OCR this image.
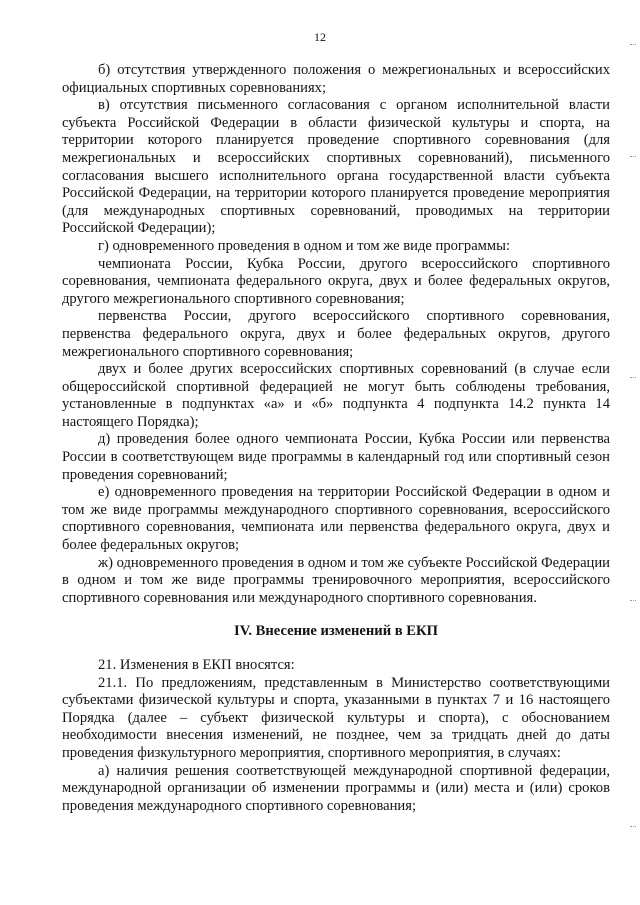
12

б) отсутствия утвержденного положения о межрегиональных и всероссийских официальных спортивных соревнованиях;

в) отсутствия письменного согласования с органом исполнительной власти субъекта Российской Федерации в области физической культуры и спорта, на территории которого планируется проведение спортивного соревнования (для межрегиональных и всероссийских спортивных соревнований), письменного согласования высшего исполнительного органа государственной власти субъекта Российской Федерации, на территории которого планируется проведение мероприятия (для международных спортивных соревнований, проводимых на территории Российской Федерации);

г) одновременного проведения в одном и том же виде программы:

чемпионата России, Кубка России, другого всероссийского спортивного соревнования, чемпионата федерального округа, двух и более федеральных округов, другого межрегионального спортивного соревнования;

первенства России, другого всероссийского спортивного соревнования, первенства федерального округа, двух и более федеральных округов, другого межрегионального спортивного соревнования;

двух и более других всероссийских спортивных соревнований (в случае если общероссийской спортивной федерацией не могут быть соблюдены требования, установленные в подпунктах «а» и «б» подпункта 4 подпункта 14.2 пункта 14 настоящего Порядка);

д) проведения более одного чемпионата России, Кубка России или первенства России в соответствующем виде программы в календарный год или спортивный сезон проведения соревнований;

е) одновременного проведения на территории Российской Федерации в одном и том же виде программы международного спортивного соревнования, всероссийского спортивного соревнования, чемпионата или первенства федерального округа, двух и более федеральных округов;

ж) одновременного проведения в одном и том же субъекте Российской Федерации в одном и том же виде программы тренировочного мероприятия, всероссийского спортивного соревнования или международного спортивного соревнования.

IV. Внесение изменений в ЕКП

21. Изменения в ЕКП вносятся:

21.1. По предложениям, представленным в Министерство соответствующими субъектами физической культуры и спорта, указанными в пунктах 7 и 16 настоящего Порядка (далее – субъект физической культуры и спорта), с обоснованием необходимости внесения изменений, не позднее, чем за тридцать дней до даты проведения физкультурного мероприятия, спортивного мероприятия, в случаях:

а) наличия решения соответствующей международной спортивной федерации, международной организации об изменении программы и (или) места и (или) сроков проведения международного спортивного соревнования;
